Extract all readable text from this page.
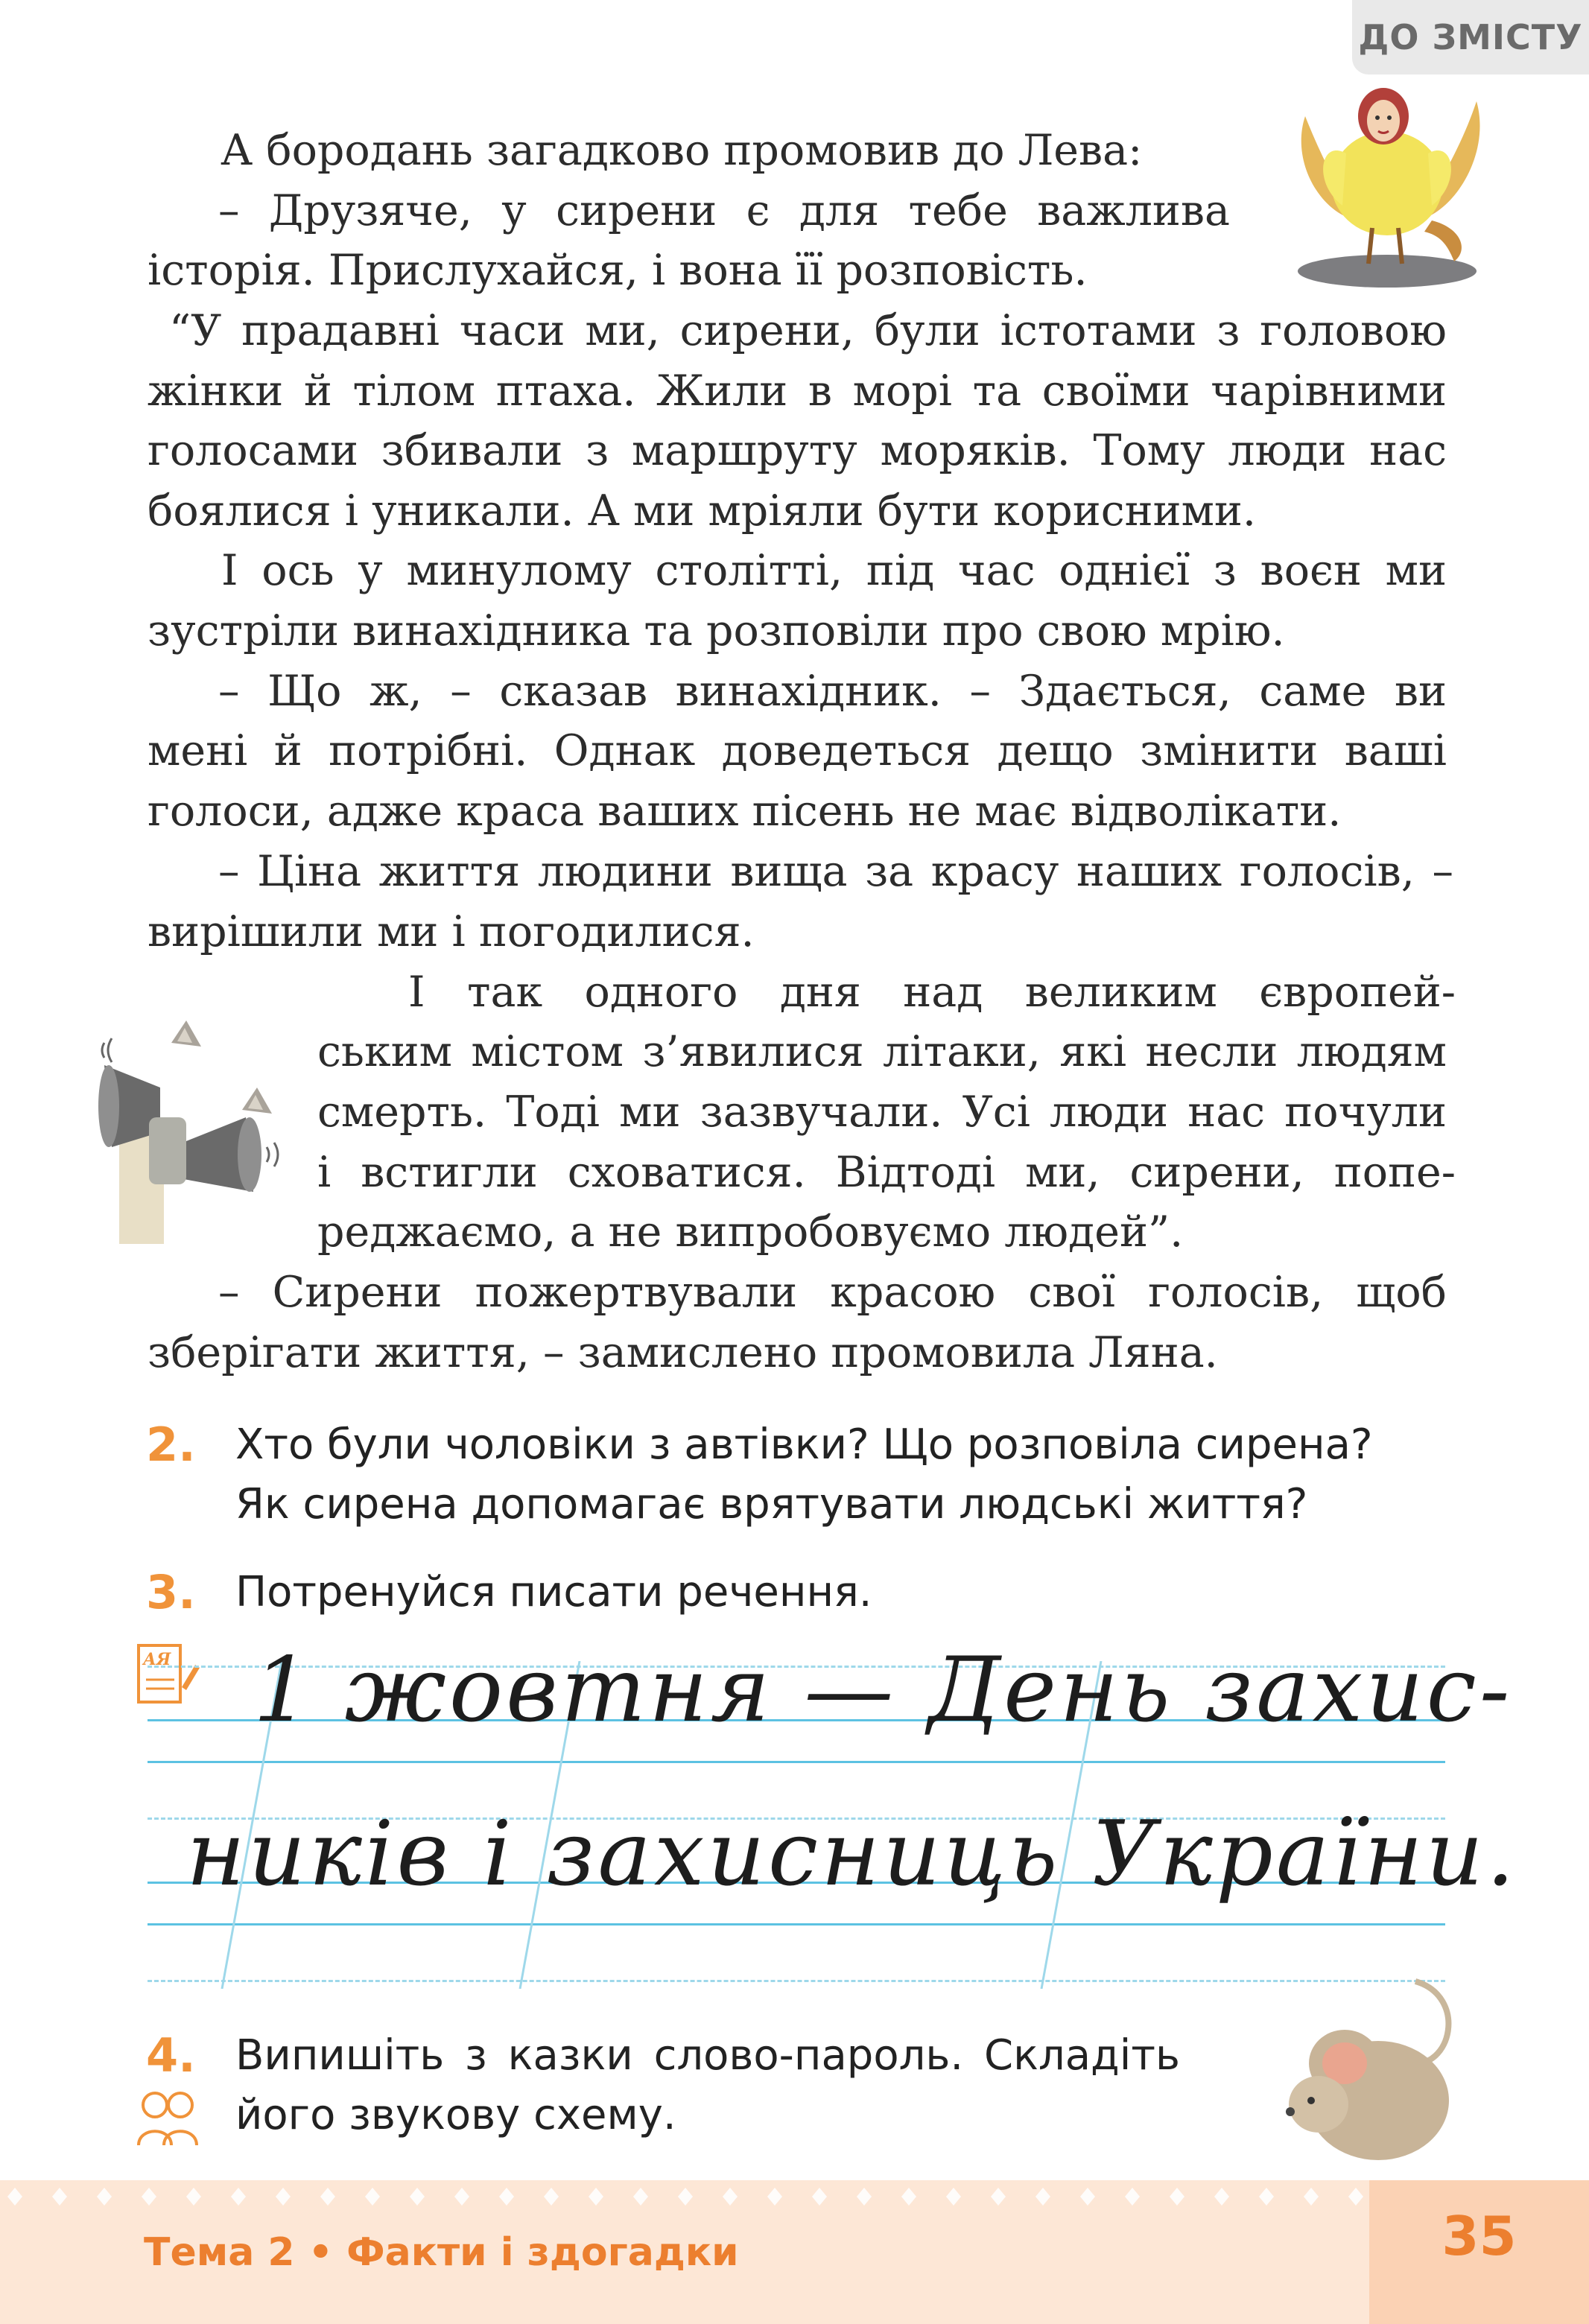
ДО ЗМІСТУ

А бородань загадково промовив до Лева:

– Друзяче, у сирени є для тебе важлива

історія. Прислухайся, і вона її розповість.

“У прадавні часи ми, сирени, були істотами з головою

жінки й тілом птаха. Жили в морі та своїми чарівними

голосами збивали з маршруту моряків. Тому люди нас

боялися і уникали. А ми мріяли бути корисними.

І ось у минулому столітті, під час однієї з воєн ми

зустріли винахідника та розповіли про свою мрію.

– Що ж, – сказав винахідник. – Здається, саме ви

мені й потрібні. Однак доведеться дещо змінити ваші

голоси, адже краса ваших пісень не має відволікати.

– Ціна життя людини вища за красу наших голосів, –

вирішили ми і погодилися.

І так одного дня над великим європей-

ським містом з’явилися літаки, які несли людям

смерть. Тоді ми зазвучали. Усі люди нас почули

і встигли сховатися. Відтоді ми, сирени, попе-

реджаємо, а не випробовуємо людей”.

– Сирени пожертвували красою свої голосів, щоб

зберігати життя, – замислено промовила Ляна.

2. Хто були чоловіки з автівки? Що розповіла сирена?
Як сирена допомагає врятувати людські життя?
3. Потренуйся писати речення.
АЯ 1 жовтня — День захис-
ників і захисниць України.
4. Випишіть з казки слово-пароль. Складіть
його звукову схему.
Тема 2 • Факти і здогадки	35
